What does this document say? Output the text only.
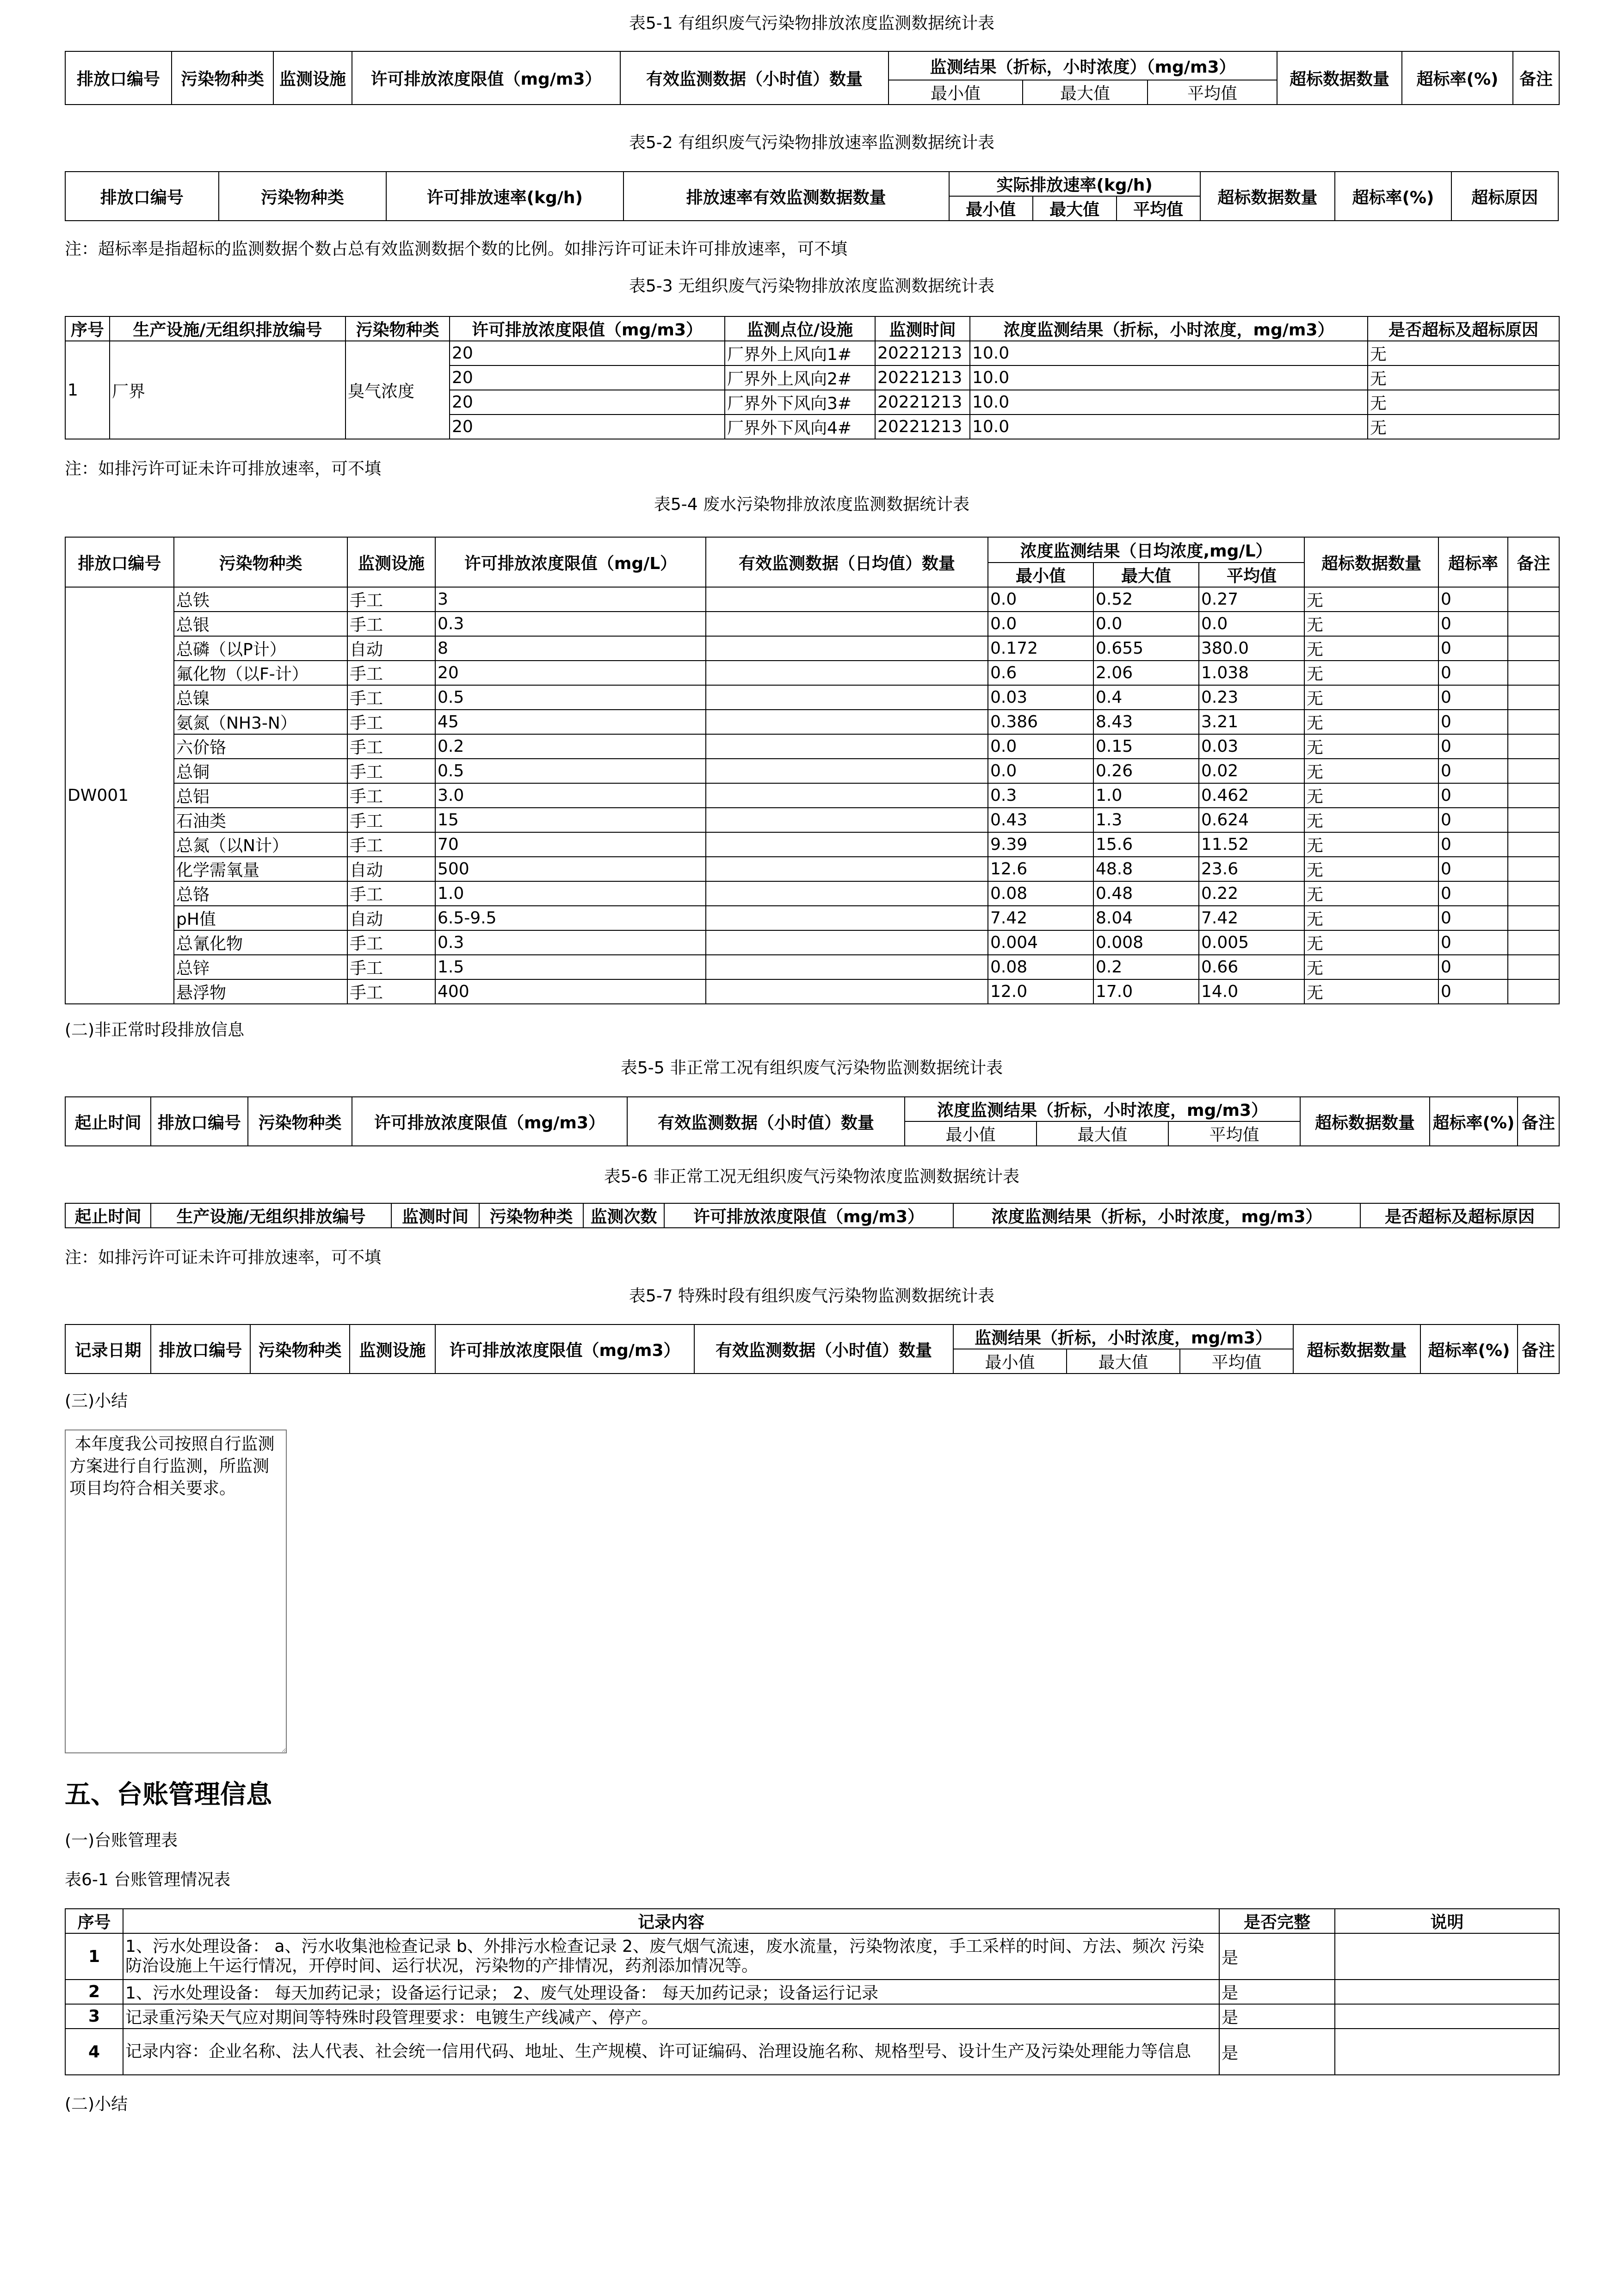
表5-1 有组织废气污染物排放浓度监测数据统计表

排放口编号	污染物种类	监测设施	许可排放浓度限值（mg/m3）	有效监测数据（小时值）数量	监测结果（折标，小时浓度）（mg/m3）			超标数据数量	超标率(%)	备注
					最小值	最大值	平均值			

表5-2 有组织废气污染物排放速率监测数据统计表

排放口编号	污染物种类	许可排放速率(kg/h)	排放速率有效监测数据数量	实际排放速率(kg/h)			超标数据数量	超标率(%)	超标原因
				最小值	最大值	平均值			
注：超标率是指超标的监测数据个数占总有效监测数据个数的比例。如排污许可证未许可排放速率，可不填

表5-3 无组织废气污染物排放浓度监测数据统计表

序号	生产设施/无组织排放编号	污染物种类	许可排放浓度限值（mg/m3）	监测点位/设施	监测时间	浓度监测结果（折标，小时浓度，mg/m3）	是否超标及超标原因
1	厂界	臭气浓度	20	厂界外上风向1#	20221213	10.0	无
			20	厂界外上风向2#	20221213	10.0	无
			20	厂界外下风向3#	20221213	10.0	无
			20	厂界外下风向4#	20221213	10.0	无
注：如排污许可证未许可排放速率，可不填

表5-4 废水污染物排放浓度监测数据统计表

排放口编号	污染物种类	监测设施	许可排放浓度限值（mg/L）	有效监测数据（日均值）数量	浓度监测结果（日均浓度,mg/L）			超标数据数量	超标率	备注
					最小值	最大值	平均值			
DW001	总铁	手工	3		0.0	0.52	0.27	无	0	
	总银	手工	0.3		0.0	0.0	0.0	无	0	
	总磷（以P计）	自动	8		0.172	0.655	380.0	无	0	
	氟化物（以F-计）	手工	20		0.6	2.06	1.038	无	0	
	总镍	手工	0.5		0.03	0.4	0.23	无	0	
	氨氮（NH3-N）	手工	45		0.386	8.43	3.21	无	0	
	六价铬	手工	0.2		0.0	0.15	0.03	无	0	
	总铜	手工	0.5		0.0	0.26	0.02	无	0	
	总铝	手工	3.0		0.3	1.0	0.462	无	0	
	石油类	手工	15		0.43	1.3	0.624	无	0	
	总氮（以N计）	手工	70		9.39	15.6	11.52	无	0	
	化学需氧量	自动	500		12.6	48.8	23.6	无	0	
	总铬	手工	1.0		0.08	0.48	0.22	无	0	
	pH值	自动	6.5-9.5		7.42	8.04	7.42	无	0	
	总氰化物	手工	0.3		0.004	0.008	0.005	无	0	
	总锌	手工	1.5		0.08	0.2	0.66	无	0	
	悬浮物	手工	400		12.0	17.0	14.0	无	0	
(二)非正常时段排放信息

表5-5 非正常工况有组织废气污染物监测数据统计表

起止时间	排放口编号	污染物种类	许可排放浓度限值（mg/m3）	有效监测数据（小时值）数量	浓度监测结果（折标，小时浓度，mg/m3）			超标数据数量	超标率(%)	备注
					最小值	最大值	平均值			

表5-6 非正常工况无组织废气污染物浓度监测数据统计表

起止时间	生产设施/无组织排放编号	监测时间	污染物种类	监测次数	许可排放浓度限值（mg/m3）	浓度监测结果（折标，小时浓度，mg/m3）	是否超标及超标原因
注：如排污许可证未许可排放速率，可不填

表5-7 特殊时段有组织废气污染物监测数据统计表

记录日期	排放口编号	污染物种类	监测设施	许可排放浓度限值（mg/m3）	有效监测数据（小时值）数量	监测结果（折标，小时浓度，mg/m3）			超标数据数量	超标率(%)	备注
						最小值	最大值	平均值			
(三)小结
本年度我公司按照自行监测方案进行自行监测，所监测项目均符合相关要求。
五、台账管理信息
(一)台账管理表
表6-1 台账管理情况表
序号	记录内容	是否完整	说明
1	1、污水处理设备： a、污水收集池检查记录 b、外排污水检查记录 2、废气烟气流速，废水流量，污染物浓度，手工采样的时间、方法、频次 污染防治设施上午运行情况，开停时间、运行状况，污染物的产排情况，药剂添加情况等。	是	
2	1、污水处理设备： 每天加药记录；设备运行记录； 2、废气处理设备： 每天加药记录；设备运行记录	是	
3	记录重污染天气应对期间等特殊时段管理要求：电镀生产线减产、停产。	是	
4	记录内容：企业名称、法人代表、社会统一信用代码、地址、生产规模、许可证编码、治理设施名称、规格型号、设计生产及污染处理能力等信息	是	
(二)小结
